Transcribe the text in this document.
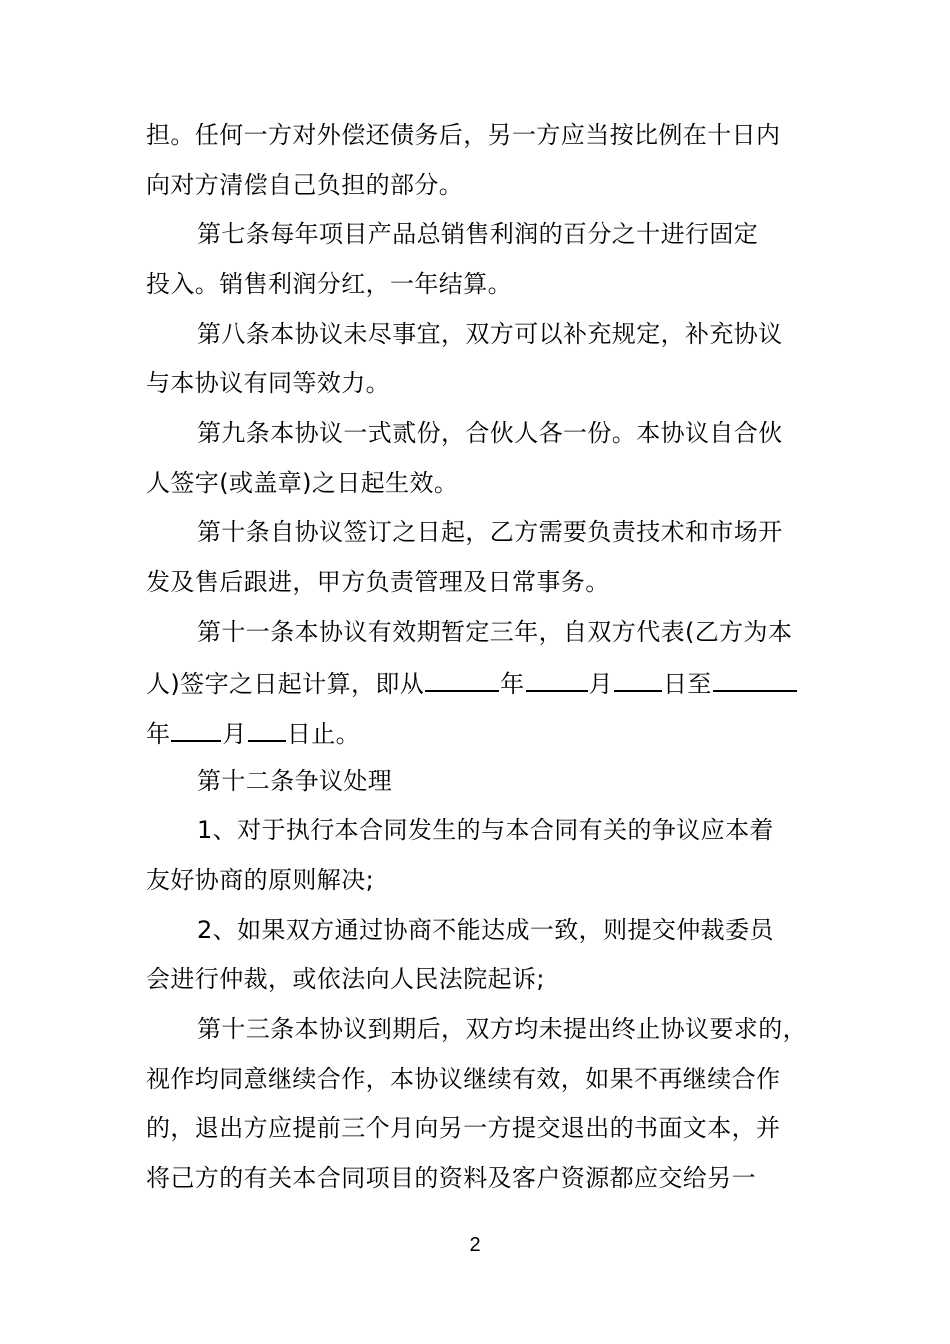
担。任何一方对外偿还债务后，另一方应当按比例在十日内
向对方清偿自己负担的部分。
第七条每年项目产品总销售利润的百分之十进行固定
投入。销售利润分红，一年结算。
第八条本协议未尽事宜，双方可以补充规定，补充协议
与本协议有同等效力。
第九条本协议一式贰份，合伙人各一份。本协议自合伙
人签字(或盖章)之日起生效。
第十条自协议签订之日起，乙方需要负责技术和市场开
发及售后跟进，甲方负责管理及日常事务。
第十一条本协议有效期暂定三年，自双方代表(乙方为本
人)签字之日起计算，即从	年	月 日至
年 月 日止。
第十二条争议处理
1、对于执行本合同发生的与本合同有关的争议应本着
友好协商的原则解决;
2、如果双方通过协商不能达成一致，则提交仲裁委员
会进行仲裁，或依法向人民法院起诉;
第十三条本协议到期后，双方均未提出终止协议要求的，
视作均同意继续合作，本协议继续有效，如果不再继续合作
的，退出方应提前三个月向另一方提交退出的书面文本，并
将己方的有关本合同项目的资料及客户资源都应交给另一
2
